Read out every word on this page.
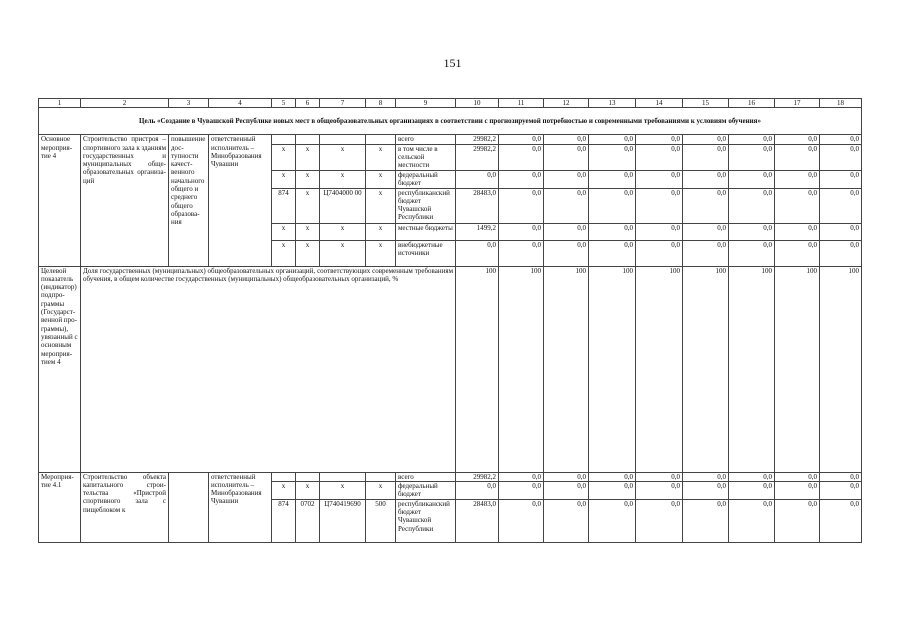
151
1	2	3	4	5	6	7	8	9	10	11	12	13	14	15	16	17	18
Цель «Создание в Чувашской Республике новых мест в общеобразовательных организациях в соответствии с прогнозируемой потребностью и современными требованиями к условиям обучения»																	
Основное мероприятие 4	Строительство пристроя – спортивного зала к зданиям государственных и муниципальных общеобразовательных организаций	повышение доступности качественного начального общего и среднего общего образования	ответственный исполнитель – Минобразования Чувашии					всего	29982,2	0,0	0,0	0,0	0,0	0,0	0,0	0,0	0,0
				х	х	х	х	в том числе в сельской местности	29982,2	0,0	0,0	0,0	0,0	0,0	0,0	0,0	0,0
				х	х	х	х	федеральный бюджет	0,0	0,0	0,0	0,0	0,0	0,0	0,0	0,0	0,0
				874	х	Ц7404000 00	х	республиканский бюджет Чувашской Республики	28483,0	0,0	0,0	0,0	0,0	0,0	0,0	0,0	0,0
				х	х	х	х	местные бюджеты	1499,2	0,0	0,0	0,0	0,0	0,0	0,0	0,0	0,0
				х	х	х	х	внебюджетные источники	0,0	0,0	0,0	0,0	0,0	0,0	0,0	0,0	0,0
Целевой показатель (индикатор) подпрограммы (Государственной программы), увязанный с основным мероприятием 4	Доля государственных (муниципальных) общеобразовательных организаций, соответствующих современным требованиям обучения, в общем количестве государственных (муниципальных) общеобразовательных организаций, %								100	100	100	100	100	100	100	100	100
Мероприятие 4.1	Строительство объекта капитального строительства «Пристрой спортивного зала с пищеблоком к		ответственный исполнитель – Минобразования Чувашии					всего	29982,2	0,0	0,0	0,0	0,0	0,0	0,0	0,0	0,0
				х	х	х	х	федеральный бюджет	0,0	0,0	0,0	0,0	0,0	0,0	0,0	0,0	0,0
				874	0702	Ц740419690	500	республиканский бюджет Чувашской Республики	28483,0	0,0	0,0	0,0	0,0	0,0	0,0	0,0	0,0
